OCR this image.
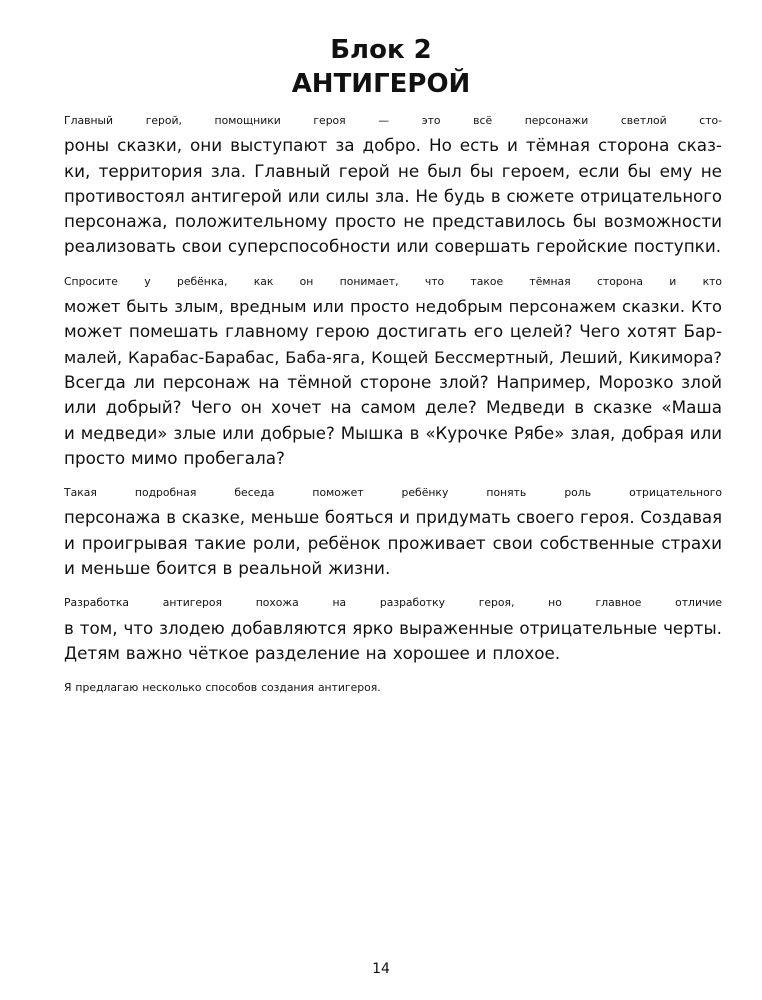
Блок 2
АНТИГЕРОЙ

Главный герой, помощники героя — это всё персонажи светлой сто-
роны сказки, они выступают за добро. Но есть и тёмная сторона сказ-
ки, территория зла. Главный герой не был бы героем, если бы ему не
противостоял антигерой или силы зла. Не будь в сюжете отрицательного
персонажа, положительному просто не представилось бы возможности
реализовать свои суперспособности или совершать геройские поступки.

Спросите у ребёнка, как он понимает, что такое тёмная сторона и кто
может быть злым, вредным или просто недобрым персонажем сказки. Кто
может помешать главному герою достигать его целей? Чего хотят Бар-
малей, Карабас-Барабас, Баба-яга, Кощей Бессмертный, Леший, Кикимора?
Всегда ли персонаж на тёмной стороне злой? Например, Морозко злой
или добрый? Чего он хочет на самом деле? Медведи в сказке «Маша
и медведи» злые или добрые? Мышка в «Курочке Рябе» злая, добрая или
просто мимо пробегала?

Такая подробная беседа поможет ребёнку понять роль отрицательного
персонажа в сказке, меньше бояться и придумать своего героя. Создавая
и проигрывая такие роли, ребёнок проживает свои собственные страхи
и меньше боится в реальной жизни.

Разработка антигероя похожа на разработку героя, но главное отличие
в том, что злодею добавляются ярко выраженные отрицательные черты.
Детям важно чёткое разделение на хорошее и плохое.

Я предлагаю несколько способов создания антигероя.

14
